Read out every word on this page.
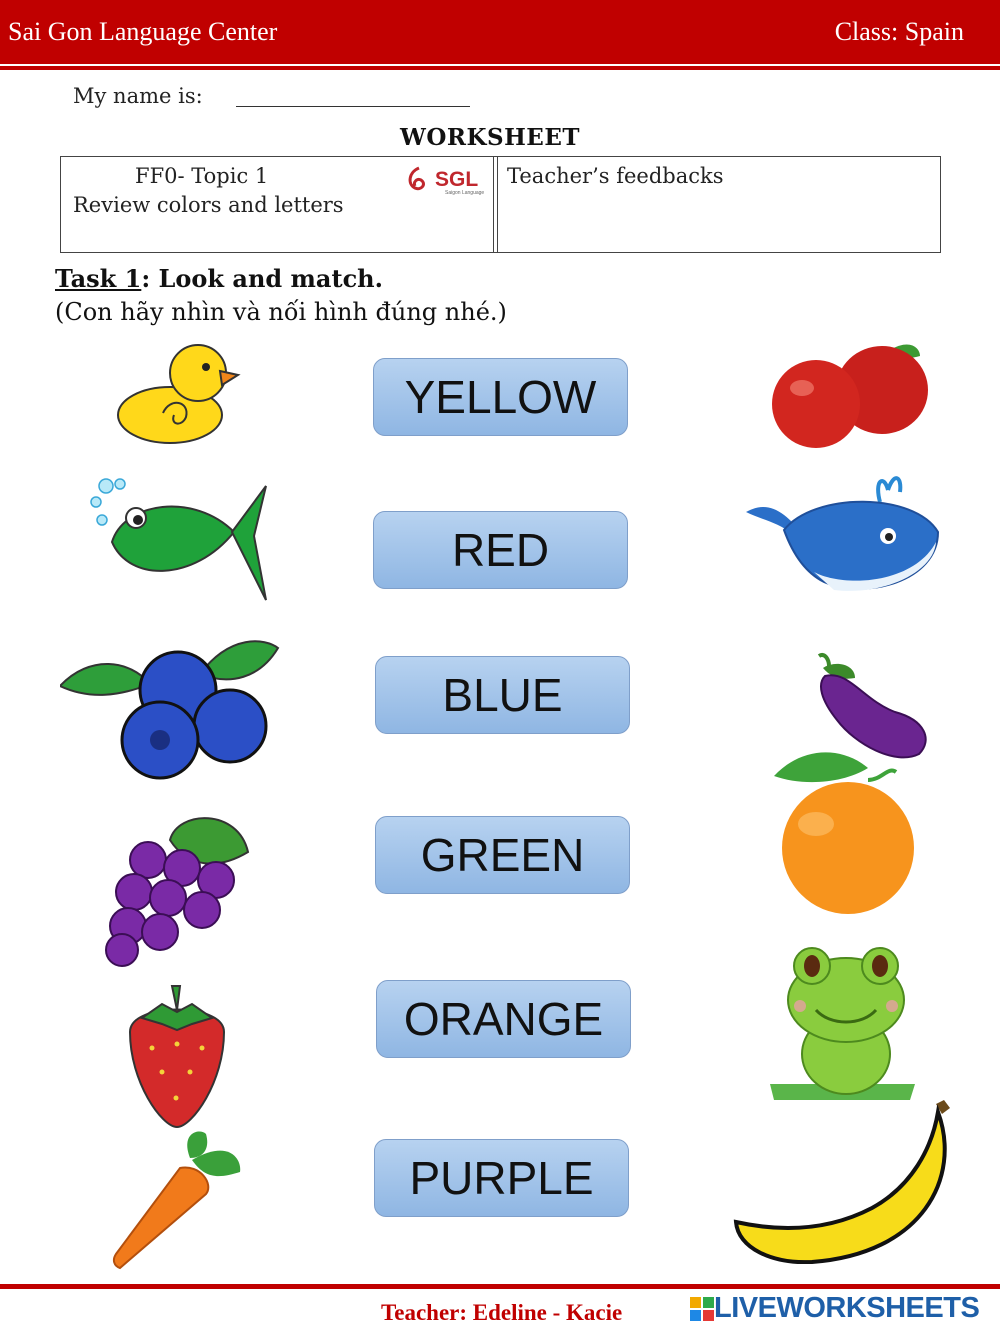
Sai Gon Language Center	Class: Spain
My name is:
WORKSHEET
FF0- Topic 1
Review colors and letters
Teacher’s feedbacks
SGL
Saigon Language
Task 1: Look and match.
(Con hãy nhìn và nối hình đúng nhé.)
YELLOW
RED
BLUE
GREEN
ORANGE
PURPLE
Teacher: Edeline - Kacie	LIVEWORKSHEETS
